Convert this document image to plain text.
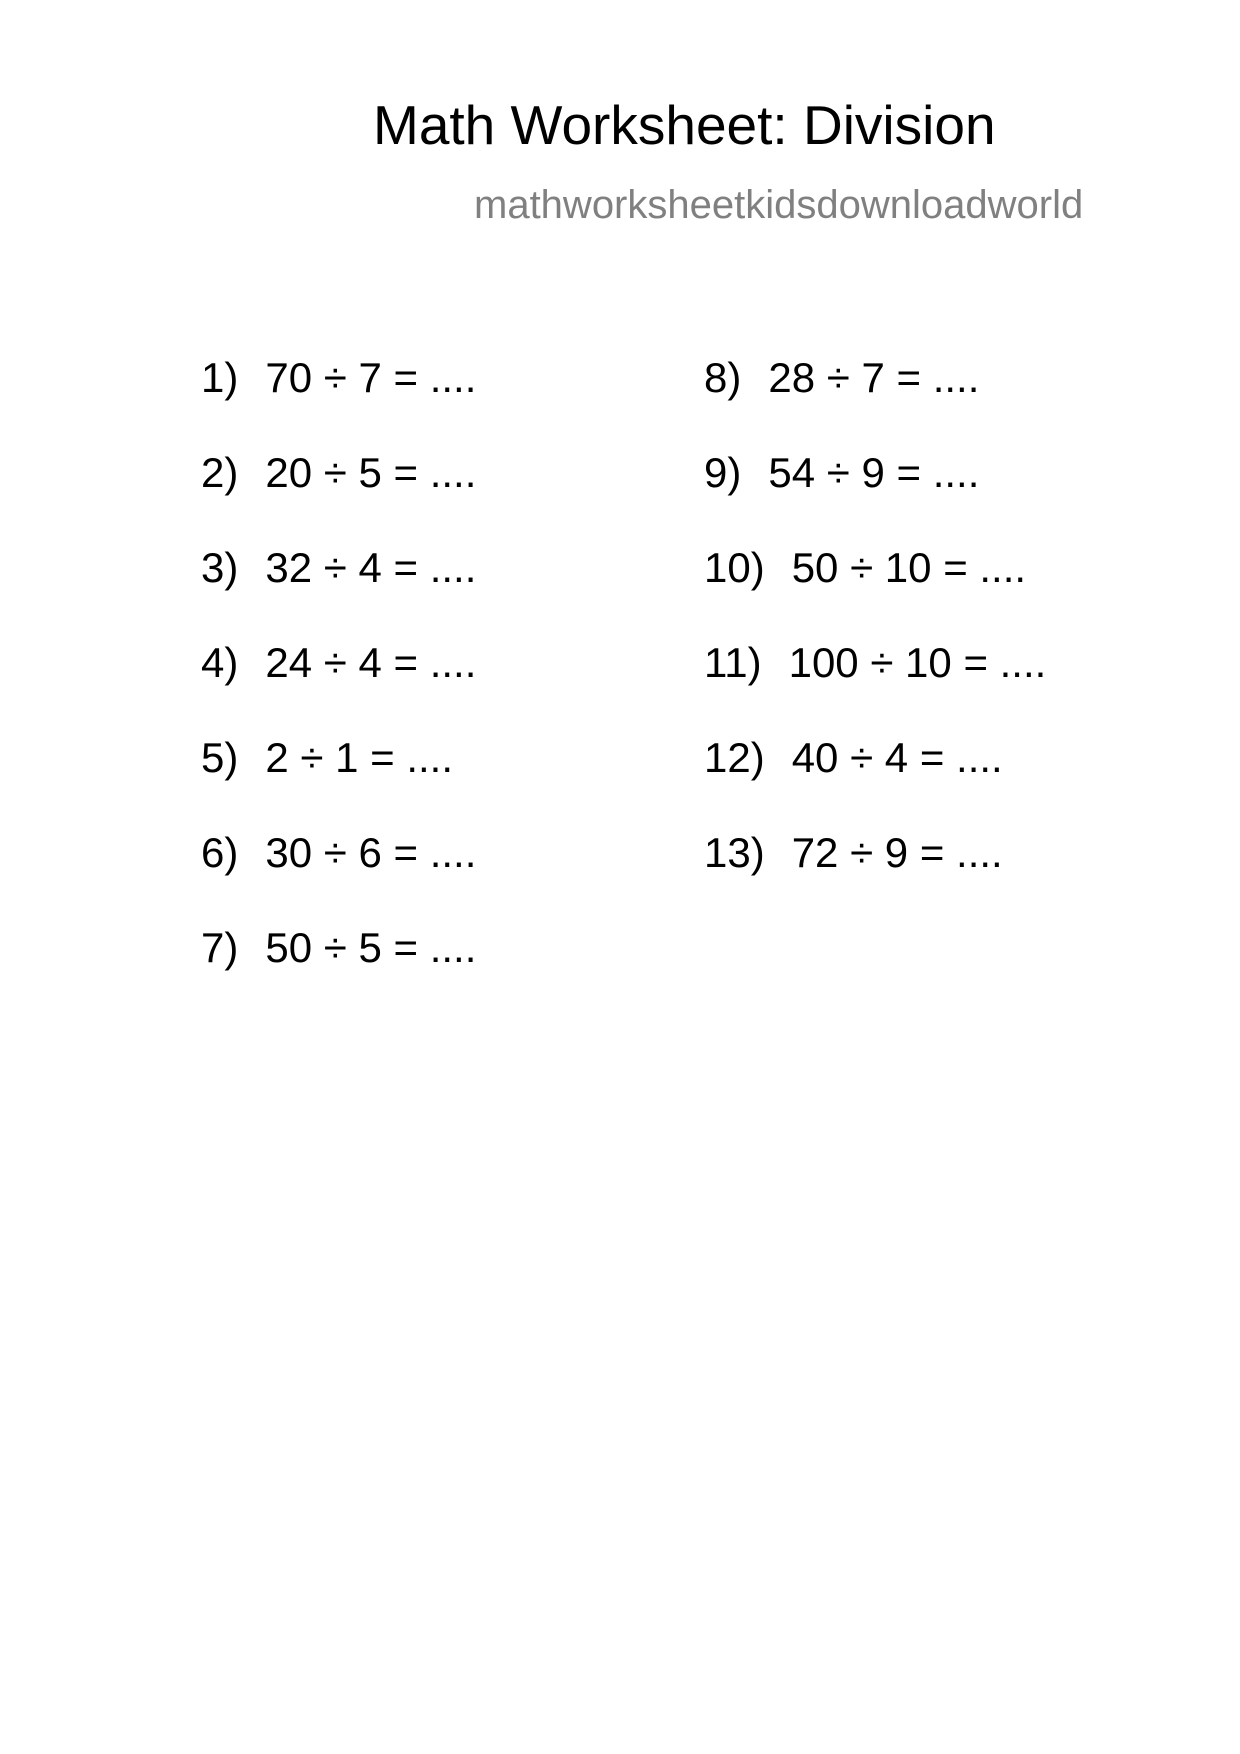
Math Worksheet: Division
mathworksheetkidsdownloadworld
1) 70 ÷ 7 = ....
2) 20 ÷ 5 = ....
3) 32 ÷ 4 = ....
4) 24 ÷ 4 = ....
5) 2 ÷ 1 = ....
6) 30 ÷ 6 = ....
7) 50 ÷ 5 = ....
8) 28 ÷ 7 = ....
9) 54 ÷ 9 = ....
10) 50 ÷ 10 = ....
11) 100 ÷ 10 = ....
12) 40 ÷ 4 = ....
13) 72 ÷ 9 = ....
